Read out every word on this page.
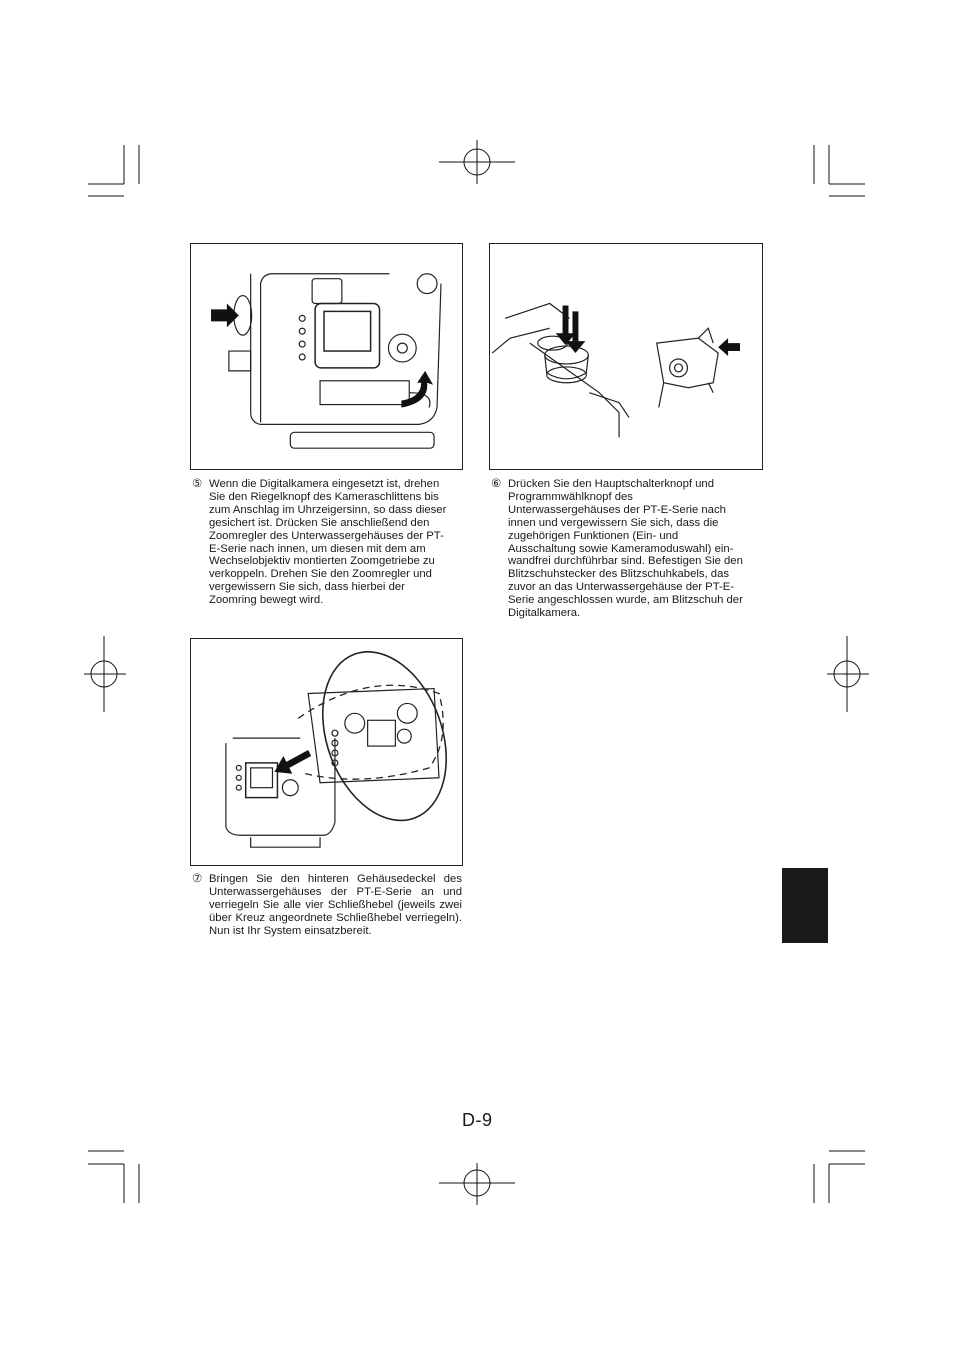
⑤ Wenn die Digitalkamera eingesetzt ist, drehen
Sie den Riegelknopf des Kameraschlittens bis
zum Anschlag im Uhrzeigersinn, so dass dieser
gesichert ist. Drücken Sie anschließend den
Zoomregler des Unterwassergehäuses der PT-
E-Serie nach innen, um diesen mit dem am
Wechselobjektiv montierten Zoomgetriebe zu
verkoppeln. Drehen Sie den Zoomregler und
vergewissern Sie sich, dass hierbei der
Zoomring bewegt wird.
⑥ Drücken Sie den Hauptschalterknopf und
Programmwählknopf des
Unterwassergehäuses der PT-E-Serie nach
innen und vergewissern Sie sich, dass die
zugehörigen Funktionen (Ein- und
Ausschaltung sowie Kameramoduswahl) ein-
wandfrei durchführbar sind. Befestigen Sie den
Blitzschuhstecker des Blitzschuhkabels, das
zuvor an das Unterwassergehäuse der PT-E-
Serie angeschlossen wurde, am Blitzschuh der
Digitalkamera.
⑦ Bringen Sie den hinteren Gehäusedeckel des Unterwassergehäuses der PT-E-Serie an und verriegeln Sie alle vier Schließhebel (jeweils zwei über Kreuz angeordnete Schließhebel verriegeln). Nun ist Ihr System einsatzbereit.
D-9
